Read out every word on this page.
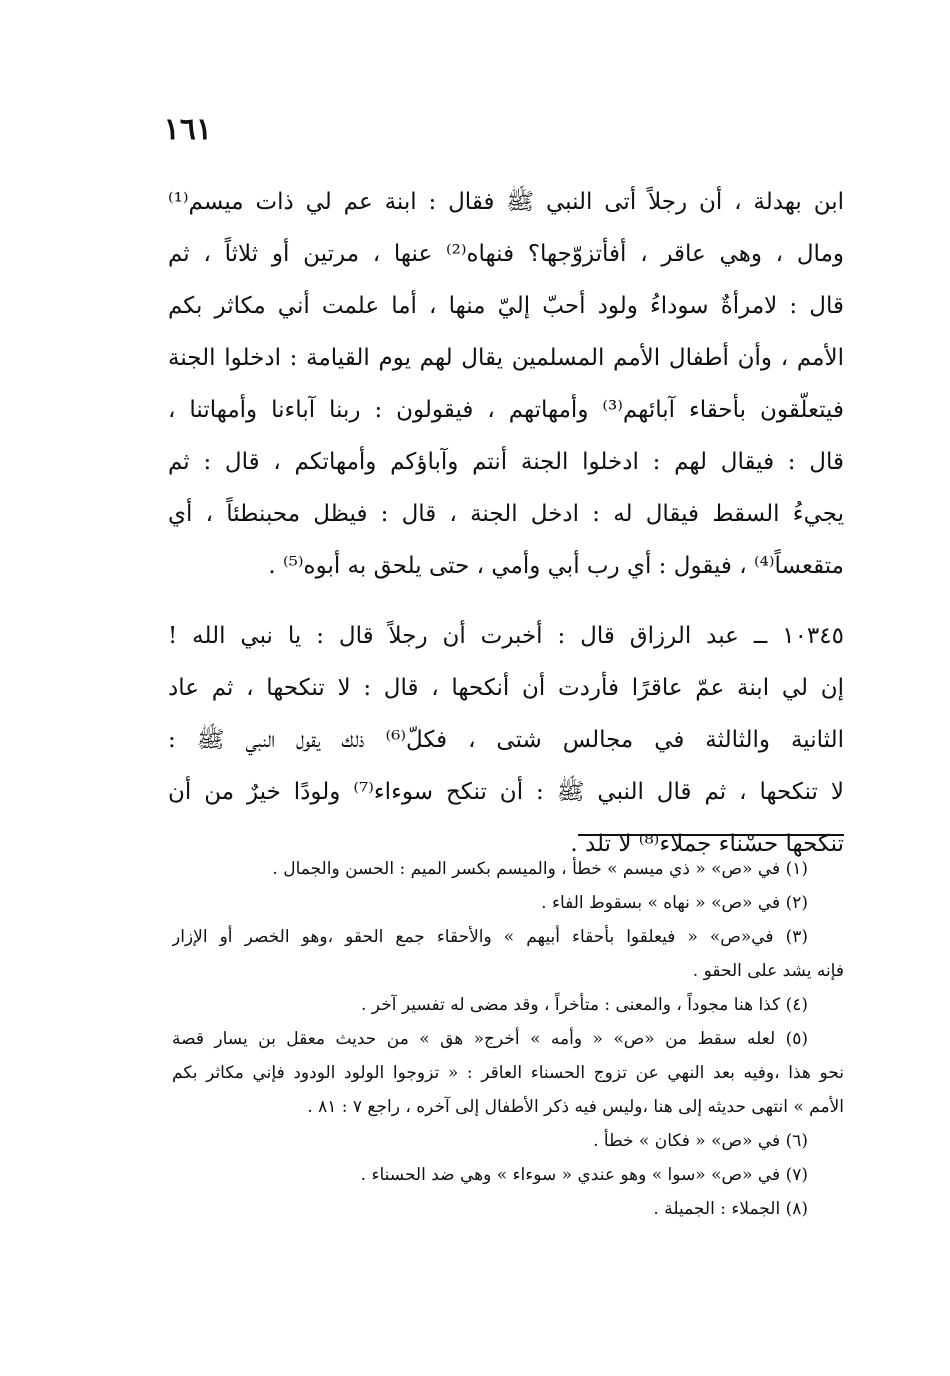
١٦١
ابن بهدلة ، أن رجلاً أتى النبي ﷺ فقال : ابنة عم لي ذات ميسم⁽¹⁾
ومال ، وهي عاقر ، أفأتزوّجها؟ فنهاه⁽²⁾ عنها ، مرتين أو ثلاثاً ، ثم
قال : لامرأةٌ سوداءُ ولود أحبّ إليّ منها ، أما علمت أني مكاثر بكم
الأمم ، وأن أطفال الأمم المسلمين يقال لهم يوم القيامة : ادخلوا الجنة
فيتعلّقون بأحقاء آبائهم⁽³⁾ وأمهاتهم ، فيقولون : ربنا آباءنا وأمهاتنا ،
قال : فيقال لهم : ادخلوا الجنة أنتم وآباؤكم وأمهاتكم ، قال : ثم
يجيءُ السقط فيقال له : ادخل الجنة ، قال : فيظل محبنطئاً ، أي
متقعساً⁽⁴⁾ ، فيقول : أي رب أبي وأمي ، حتى يلحق به أبوه⁽⁵⁾ .
١٠٣٤٥ ــ عبد الرزاق قال : أخبرت أن رجلاً قال : يا نبي الله !
إن لي ابنة عمّ عاقرًا فأردت أن أنكحها ، قال : لا تنكحها ، ثم عاد
الثانية والثالثة في مجالس شتى ، فكلّ⁽⁶⁾ ذلك يقول النبي ﷺ :
لا تنكحها ، ثم قال النبي ﷺ : أن تنكح سوءاء⁽⁷⁾ ولودًا خيرٌ من أن
تنكحها حسْناء جملاء⁽⁸⁾ لا تلد .
(١) في «ص» « ذي ميسم » خطأ ، والميسم بكسر الميم : الحسن والجمال .
(٢) في «ص» « نهاه » بسقوط الفاء .
(٣) في«ص» « فيعلقوا بأحقاء أبيهم » والأحقاء جمع الحقو ،وهو الخصر أو الإزار
فإنه يشد على الحقو .
(٤) كذا هنا مجوداً ، والمعنى : متأخراً ، وقد مضى له تفسير آخر .
(٥) لعله سقط من «ص» « وأمه » أخرج« هق » من حديث معقل بن يسار قصة
نحو هذا ،وفيه بعد النهي عن تزوج الحسناء العاقر : « تزوجوا الولود الودود فإني مكاثر بكم
الأمم » انتهى حديثه إلى هنا ،وليس فيه ذكر الأطفال إلى آخره ، راجع ٧ : ٨١ .
(٦) في «ص» « فكان » خطأ .
(٧) في «ص» «سوا » وهو عندي « سوءاء » وهي ضد الحسناء .
(٨) الجملاء : الجميلة .
